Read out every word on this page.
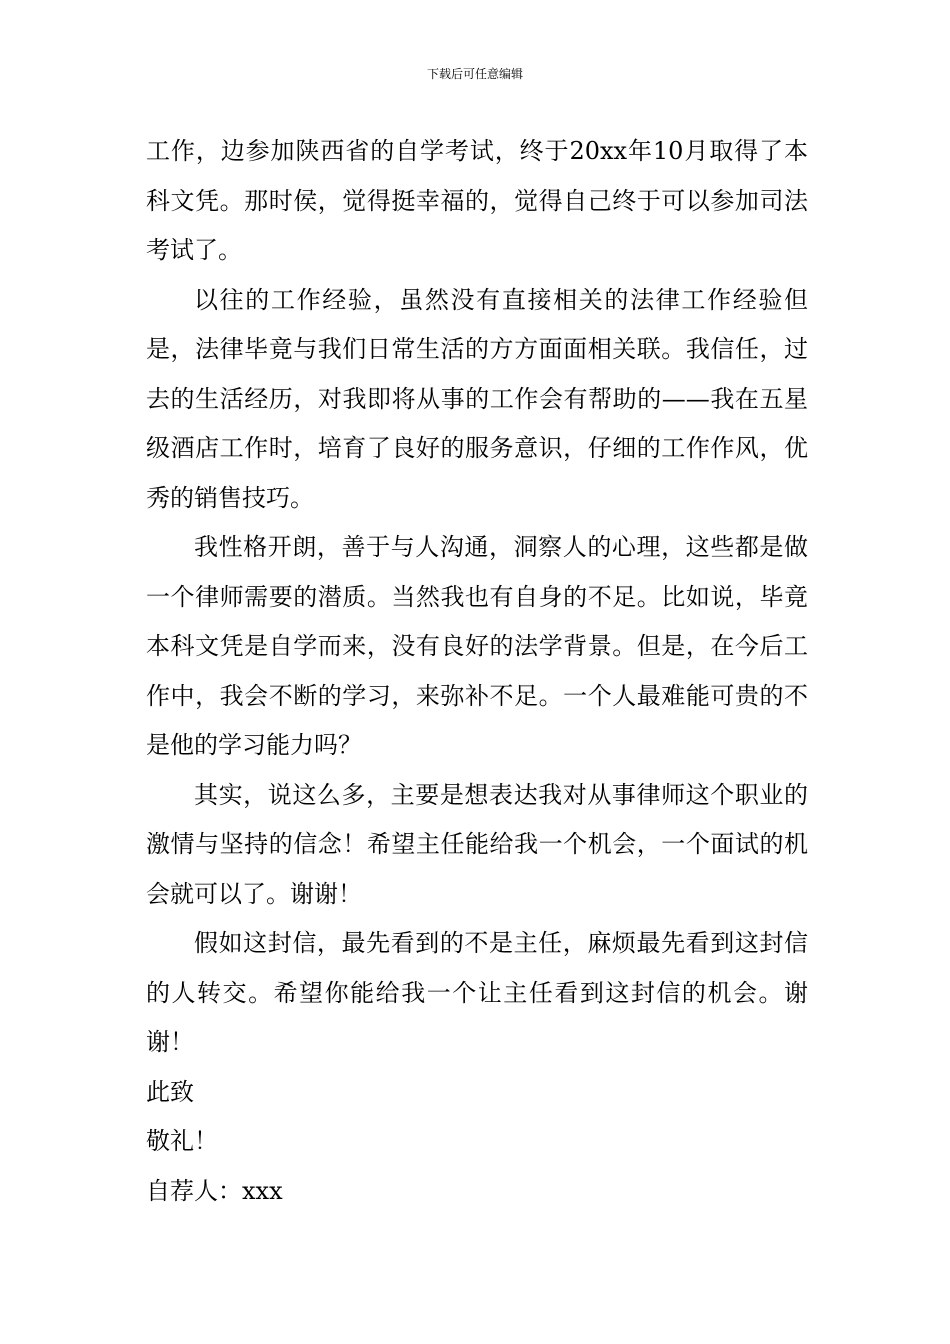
下载后可任意编辑

工作，边参加陕西省的自学考试，终于20xx年10月取得了本科文凭。那时侯，觉得挺幸福的，觉得自己终于可以参加司法考试了。

以往的工作经验，虽然没有直接相关的法律工作经验但是，法律毕竟与我们日常生活的方方面面相关联。我信任，过去的生活经历，对我即将从事的工作会有帮助的——我在五星级酒店工作时，培育了良好的服务意识，仔细的工作作风，优秀的销售技巧。

我性格开朗，善于与人沟通，洞察人的心理，这些都是做一个律师需要的潜质。当然我也有自身的不足。比如说，毕竟本科文凭是自学而来，没有良好的法学背景。但是，在今后工作中，我会不断的学习，来弥补不足。一个人最难能可贵的不是他的学习能力吗？

其实，说这么多，主要是想表达我对从事律师这个职业的激情与坚持的信念！希望主任能给我一个机会，一个面试的机会就可以了。谢谢！

假如这封信，最先看到的不是主任，麻烦最先看到这封信的人转交。希望你能给我一个让主任看到这封信的机会。谢谢！

此致

敬礼！

自荐人：xxx
